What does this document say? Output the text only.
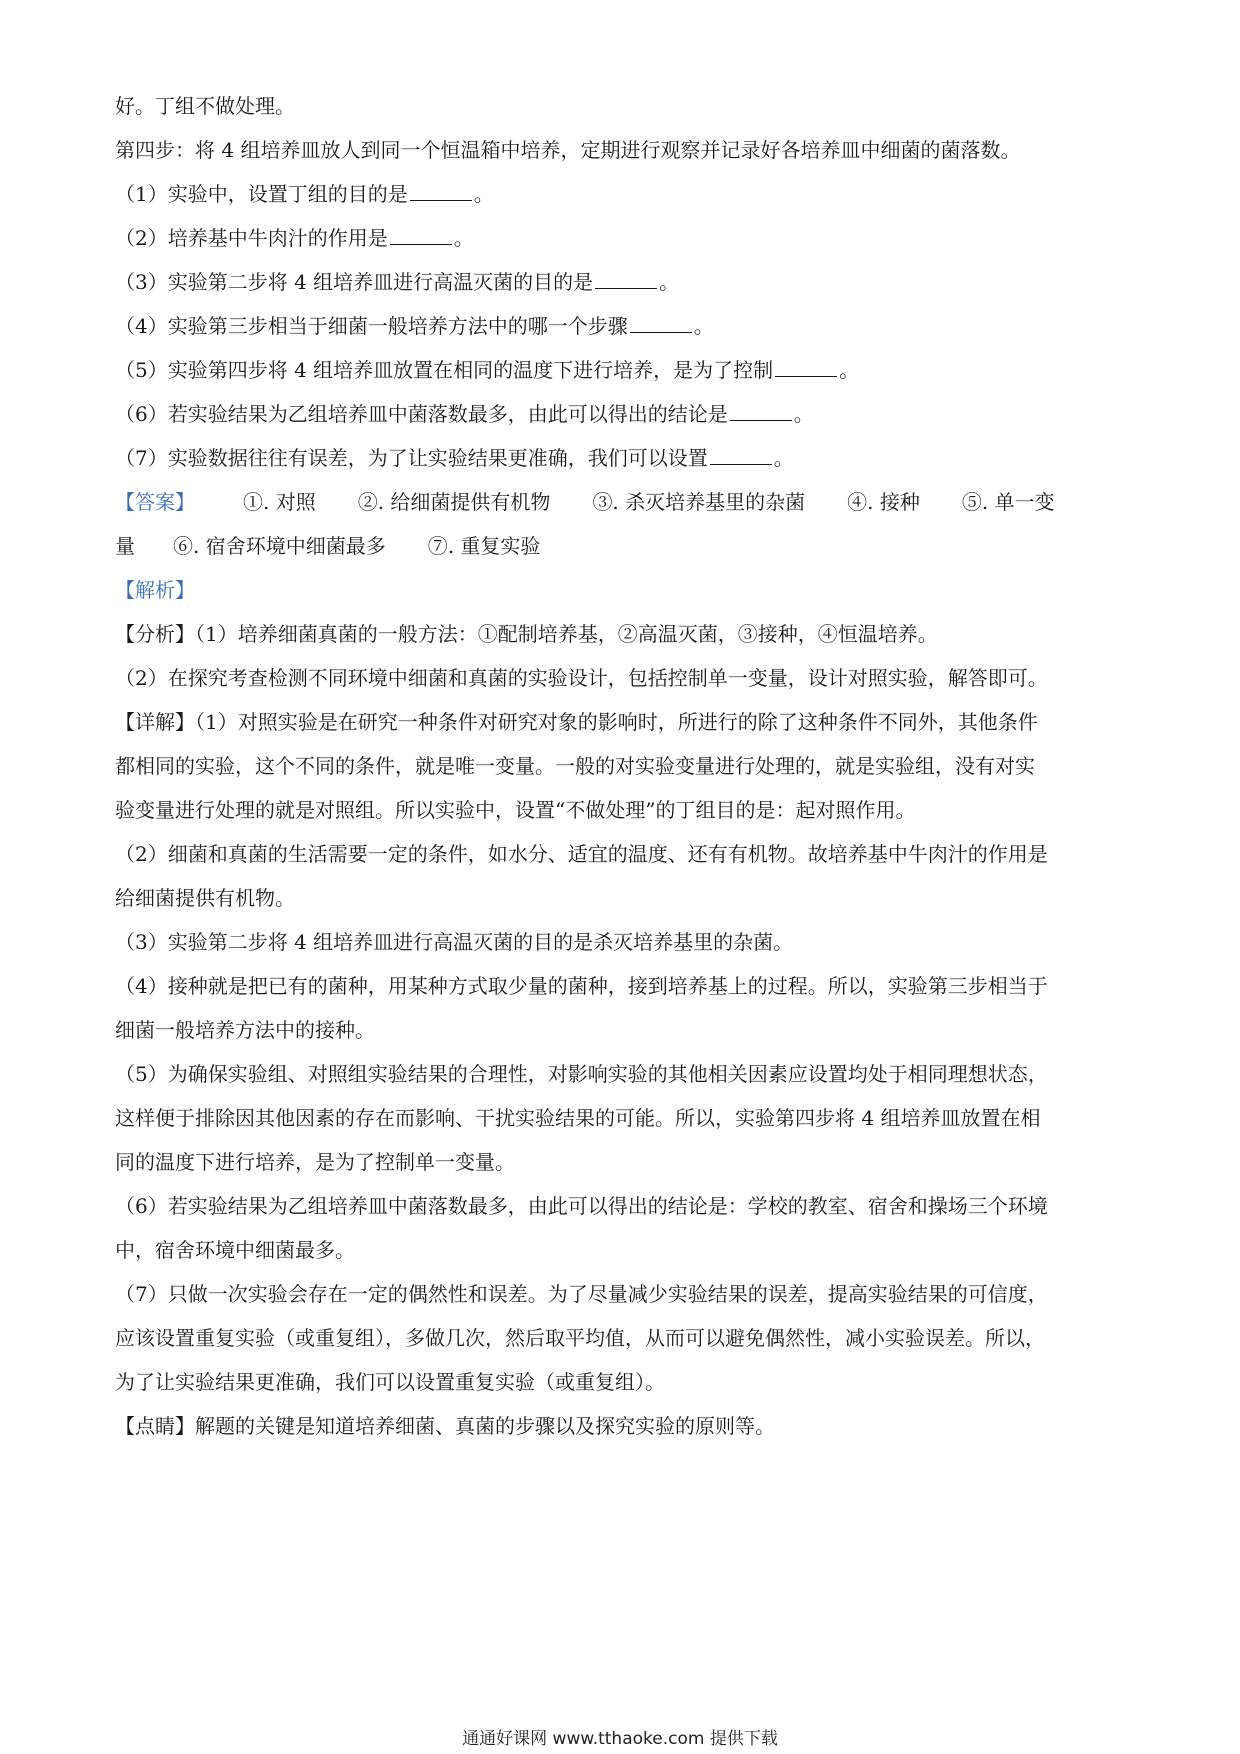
好。丁组不做处理。
第四步：将 4 组培养皿放人到同一个恒温箱中培养，定期进行观察并记录好各培养皿中细菌的菌落数。
（1）实验中，设置丁组的目的是	。
（2）培养基中牛肉汁的作用是	。
（3）实验第二步将 4 组培养皿进行高温灭菌的目的是	。
（4）实验第三步相当于细菌一般培养方法中的哪一个步骤	。
（5）实验第四步将 4 组培养皿放置在相同的温度下进行培养，是为了控制	。
（6）若实验结果为乙组培养皿中菌落数最多，由此可以得出的结论是	。
（7）实验数据往往有误差，为了让实验结果更准确，我们可以设置	。
【答案】 ①. 对照 ②. 给细菌提供有机物 ③. 杀灭培养基里的杂菌 ④. 接种 ⑤. 单一变
量 ⑥. 宿舍环境中细菌最多 ⑦. 重复实验
【解析】
【分析】（1）培养细菌真菌的一般方法：①配制培养基，②高温灭菌，③接种，④恒温培养。
（2）在探究考查检测不同环境中细菌和真菌的实验设计，包括控制单一变量，设计对照实验，解答即可。
【详解】（1）对照实验是在研究一种条件对研究对象的影响时，所进行的除了这种条件不同外，其他条件
都相同的实验，这个不同的条件，就是唯一变量。一般的对实验变量进行处理的，就是实验组，没有对实
验变量进行处理的就是对照组。所以实验中，设置“不做处理”的丁组目的是：起对照作用。
（2）细菌和真菌的生活需要一定的条件，如水分、适宜的温度、还有有机物。故培养基中牛肉汁的作用是
给细菌提供有机物。
（3）实验第二步将 4 组培养皿进行高温灭菌的目的是杀灭培养基里的杂菌。
（4）接种就是把已有的菌种，用某种方式取少量的菌种，接到培养基上的过程。所以，实验第三步相当于
细菌一般培养方法中的接种。
（5）为确保实验组、对照组实验结果的合理性，对影响实验的其他相关因素应设置均处于相同理想状态，
这样便于排除因其他因素的存在而影响、干扰实验结果的可能。所以，实验第四步将 4 组培养皿放置在相
同的温度下进行培养，是为了控制单一变量。
（6）若实验结果为乙组培养皿中菌落数最多，由此可以得出的结论是：学校的教室、宿舍和操场三个环境
中，宿舍环境中细菌最多。
（7）只做一次实验会存在一定的偶然性和误差。为了尽量减少实验结果的误差，提高实验结果的可信度，
应该设置重复实验（或重复组），多做几次，然后取平均值，从而可以避免偶然性，减小实验误差。所以，
为了让实验结果更准确，我们可以设置重复实验（或重复组）。
【点睛】解题的关键是知道培养细菌、真菌的步骤以及探究实验的原则等。
通通好课网 www.tthaoke.com 提供下载
